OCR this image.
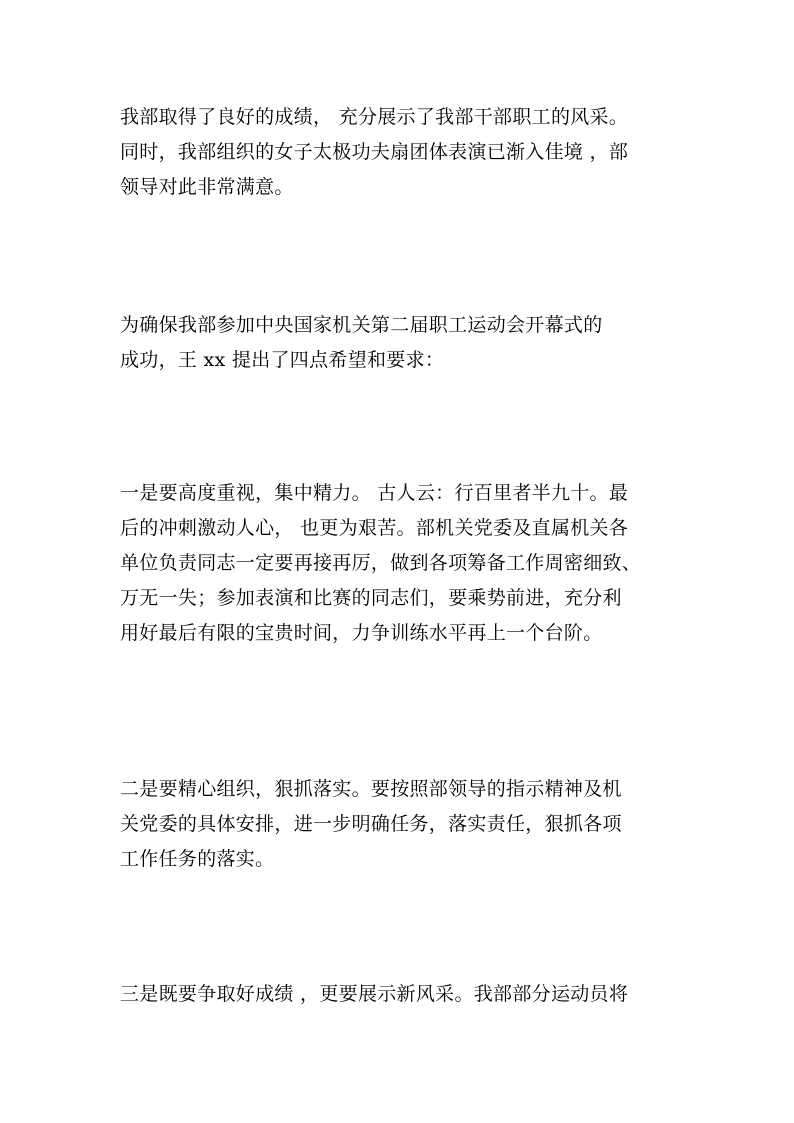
我部取得了良好的成绩， 充分展示了我部干部职工的风采。
同时，我部组织的女子太极功夫扇团体表演已渐入佳境 ，部
领导对此非常满意。
为确保我部参加中央国家机关第二届职工运动会开幕式的
成功，王 xx 提出了四点希望和要求：
一是要高度重视，集中精力。 古人云：行百里者半九十。最
后的冲刺激动人心， 也更为艰苦。部机关党委及直属机关各
单位负责同志一定要再接再厉，做到各项筹备工作周密细致、
万无一失；参加表演和比赛的同志们，要乘势前进，充分利
用好最后有限的宝贵时间，力争训练水平再上一个台阶。
二是要精心组织，狠抓落实。要按照部领导的指示精神及机
关党委的具体安排，进一步明确任务，落实责任，狠抓各项
工作任务的落实。
三是既要争取好成绩 ，更要展示新风采。我部部分运动员将
